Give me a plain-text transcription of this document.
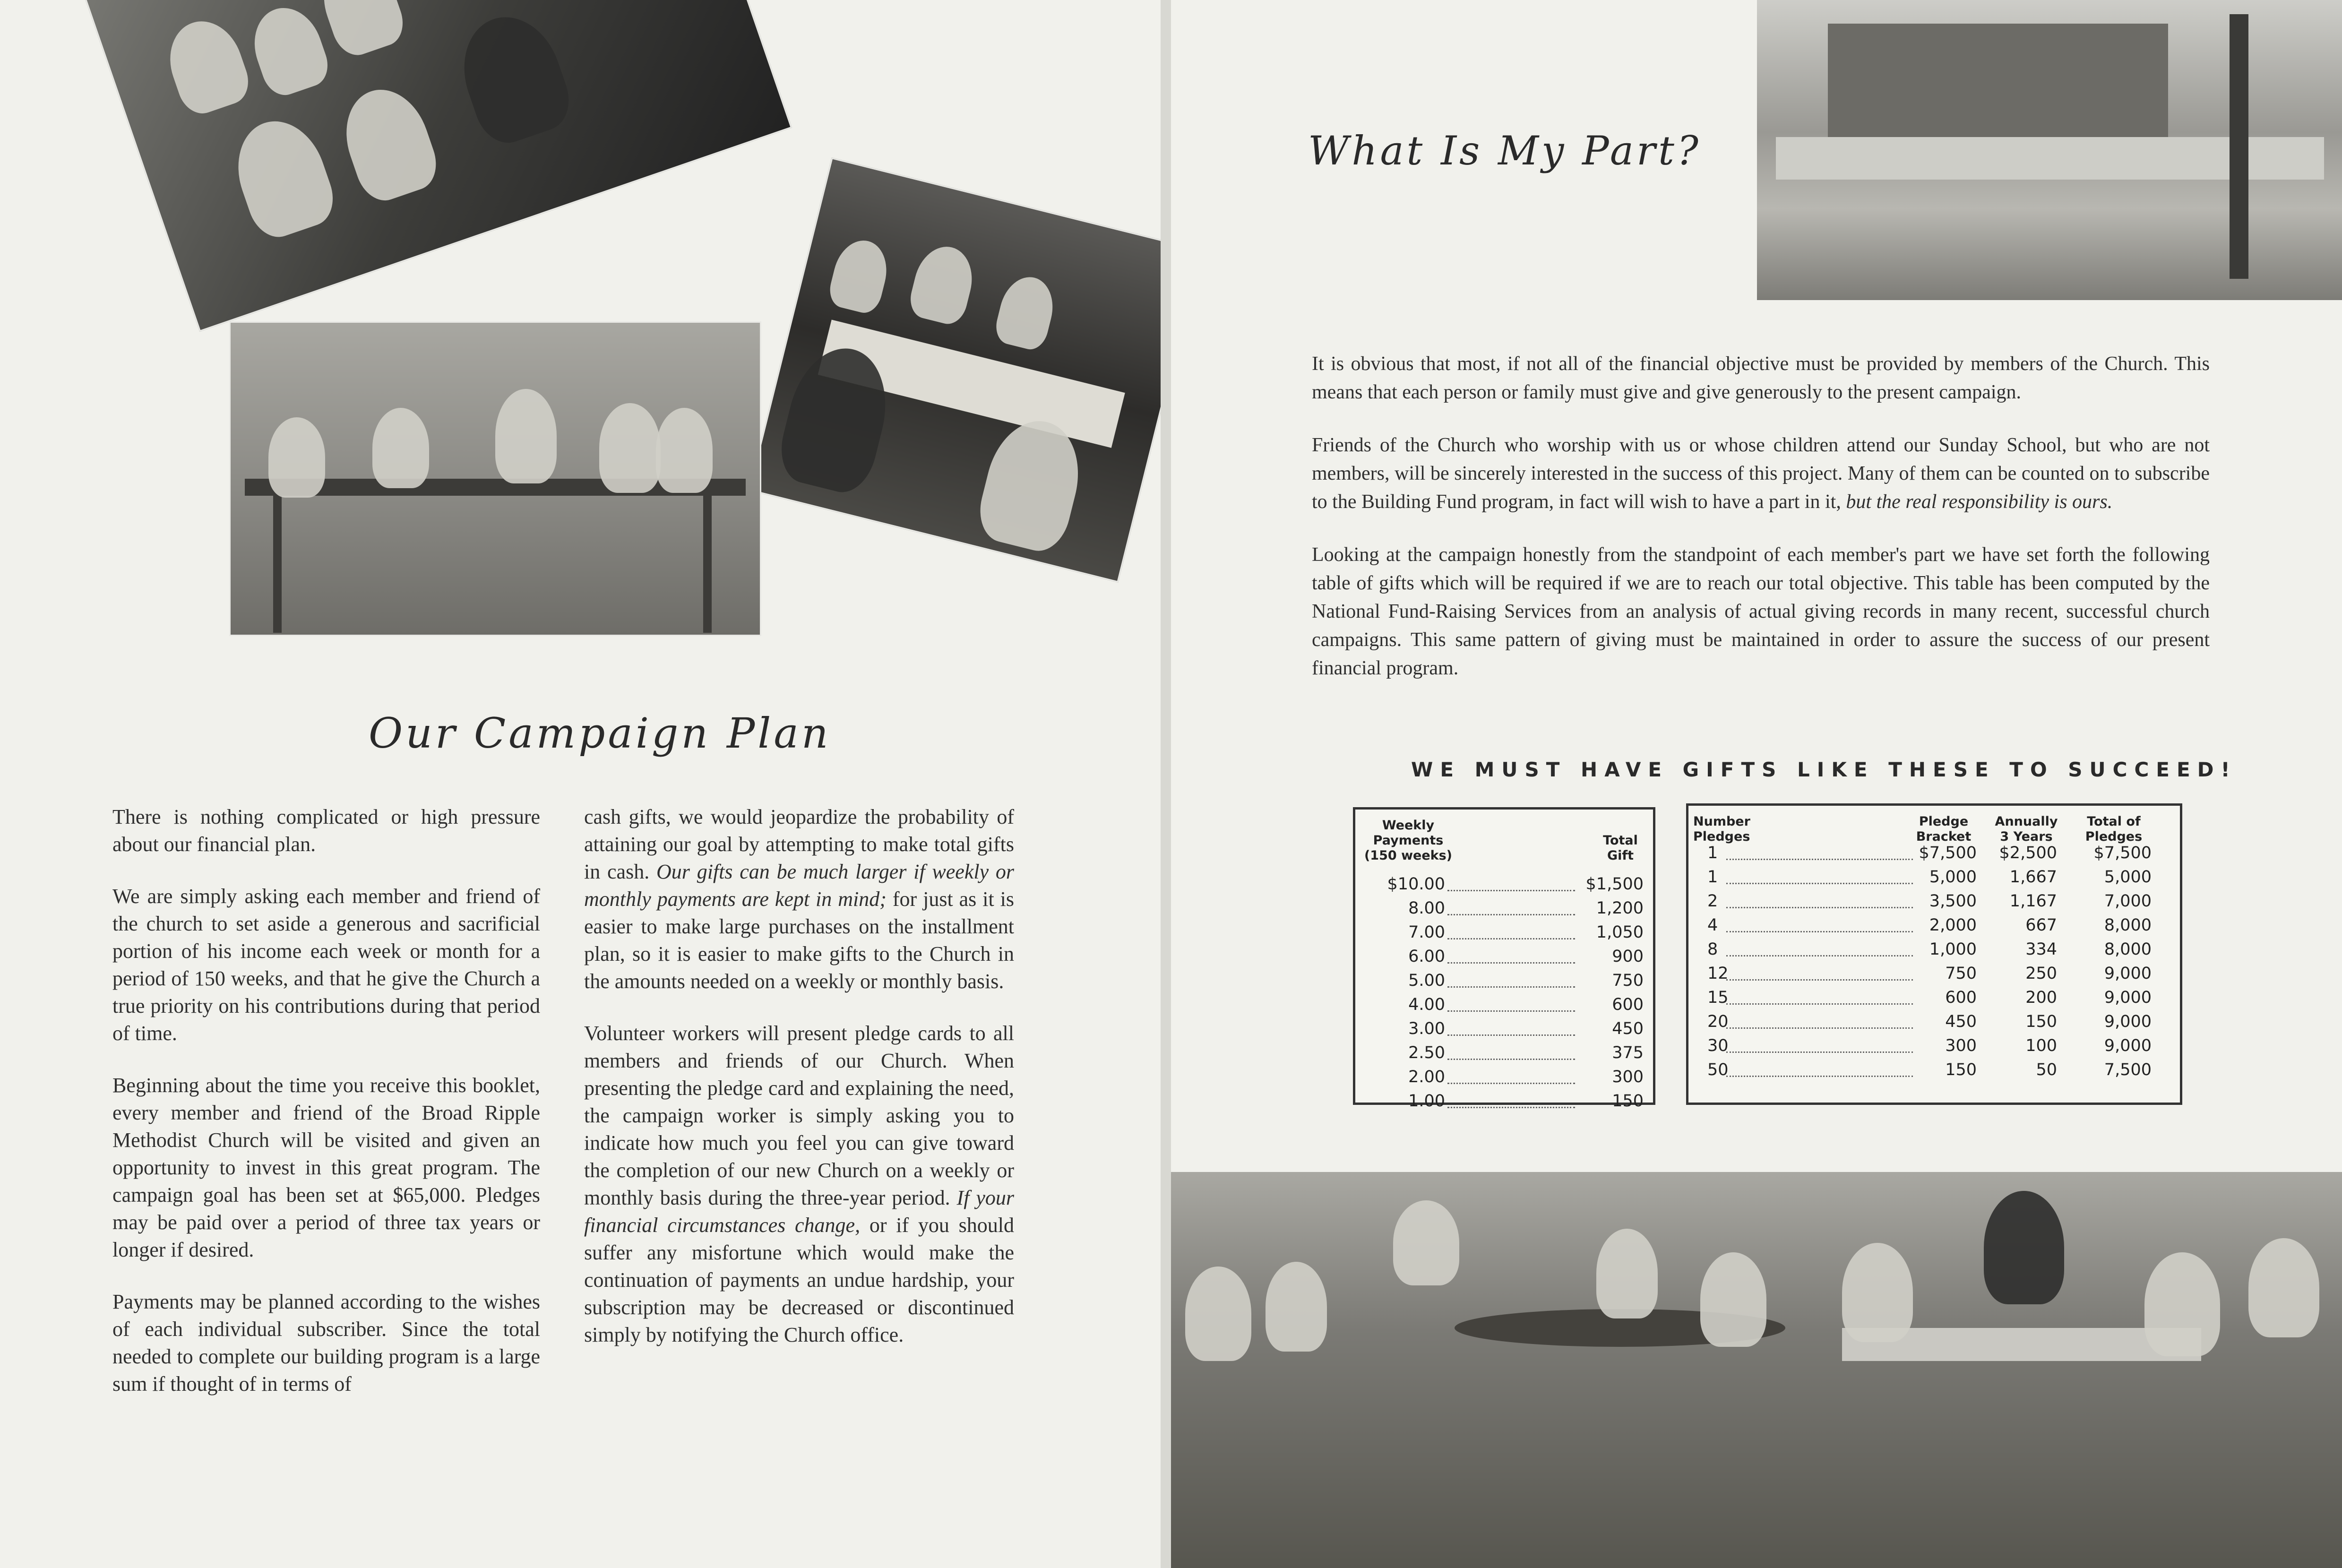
Our Campaign Plan

There is nothing complicated or high pressure about our financial plan.

We are simply asking each member and friend of the church to set aside a generous and sacrificial portion of his income each week or month for a period of 150 weeks, and that he give the Church a true priority on his contributions during that period of time.

Beginning about the time you receive this booklet, every member and friend of the Broad Ripple Methodist Church will be visited and given an opportunity to invest in this great program. The campaign goal has been set at $65,000. Pledges may be paid over a period of three tax years or longer if desired.

Payments may be planned according to the wishes of each individual subscriber. Since the total needed to complete our building program is a large sum if thought of in terms of

cash gifts, we would jeopardize the probability of attaining our goal by attempting to make total gifts in cash. Our gifts can be much larger if weekly or monthly payments are kept in mind; for just as it is easier to make large purchases on the installment plan, so it is easier to make gifts to the Church in the amounts needed on a weekly or monthly basis.

Volunteer workers will present pledge cards to all members and friends of our Church. When presenting the pledge card and explaining the need, the campaign worker is simply asking you to indicate how much you feel you can give toward the completion of our new Church on a weekly or monthly basis during the three-year period. If your financial circumstances change, or if you should suffer any misfortune which would make the continuation of payments an undue hardship, your subscription may be decreased or discontinued simply by notifying the Church office.

What Is My Part?

It is obvious that most, if not all of the financial objective must be provided by members of the Church. This means that each person or family must give and give generously to the present campaign.

Friends of the Church who worship with us or whose children attend our Sunday School, but who are not members, will be sincerely interested in the success of this project. Many of them can be counted on to subscribe to the Building Fund program, in fact will wish to have a part in it, but the real responsibility is ours.

Looking at the campaign honestly from the standpoint of each member's part we have set forth the following table of gifts which will be required if we are to reach our total objective. This table has been computed by the National Fund-Raising Services from an analysis of actual giving records in many recent, successful church campaigns. This same pattern of giving must be maintained in order to assure the success of our present financial program.

WE MUST HAVE GIFTS LIKE THESE TO SUCCEED!
Weekly Payments (150 weeks)
Total Gift
$10.00	$1,500
8.00	1,200
7.00	1,050
6.00	900
5.00	750
4.00	600
3.00	450
2.50	375
2.00	300
1.00	150
Number Pledges
Pledge Bracket
Annually 3 Years
Total of Pledges
1	$7,500	$2,500	$7,500
1	5,000	1,667	5,000
2	3,500	1,167	7,000
4	2,000	667	8,000
8	1,000	334	8,000
12	750	250	9,000
15	600	200	9,000
20	450	150	9,000
30	300	100	9,000
50	150	50	7,500
